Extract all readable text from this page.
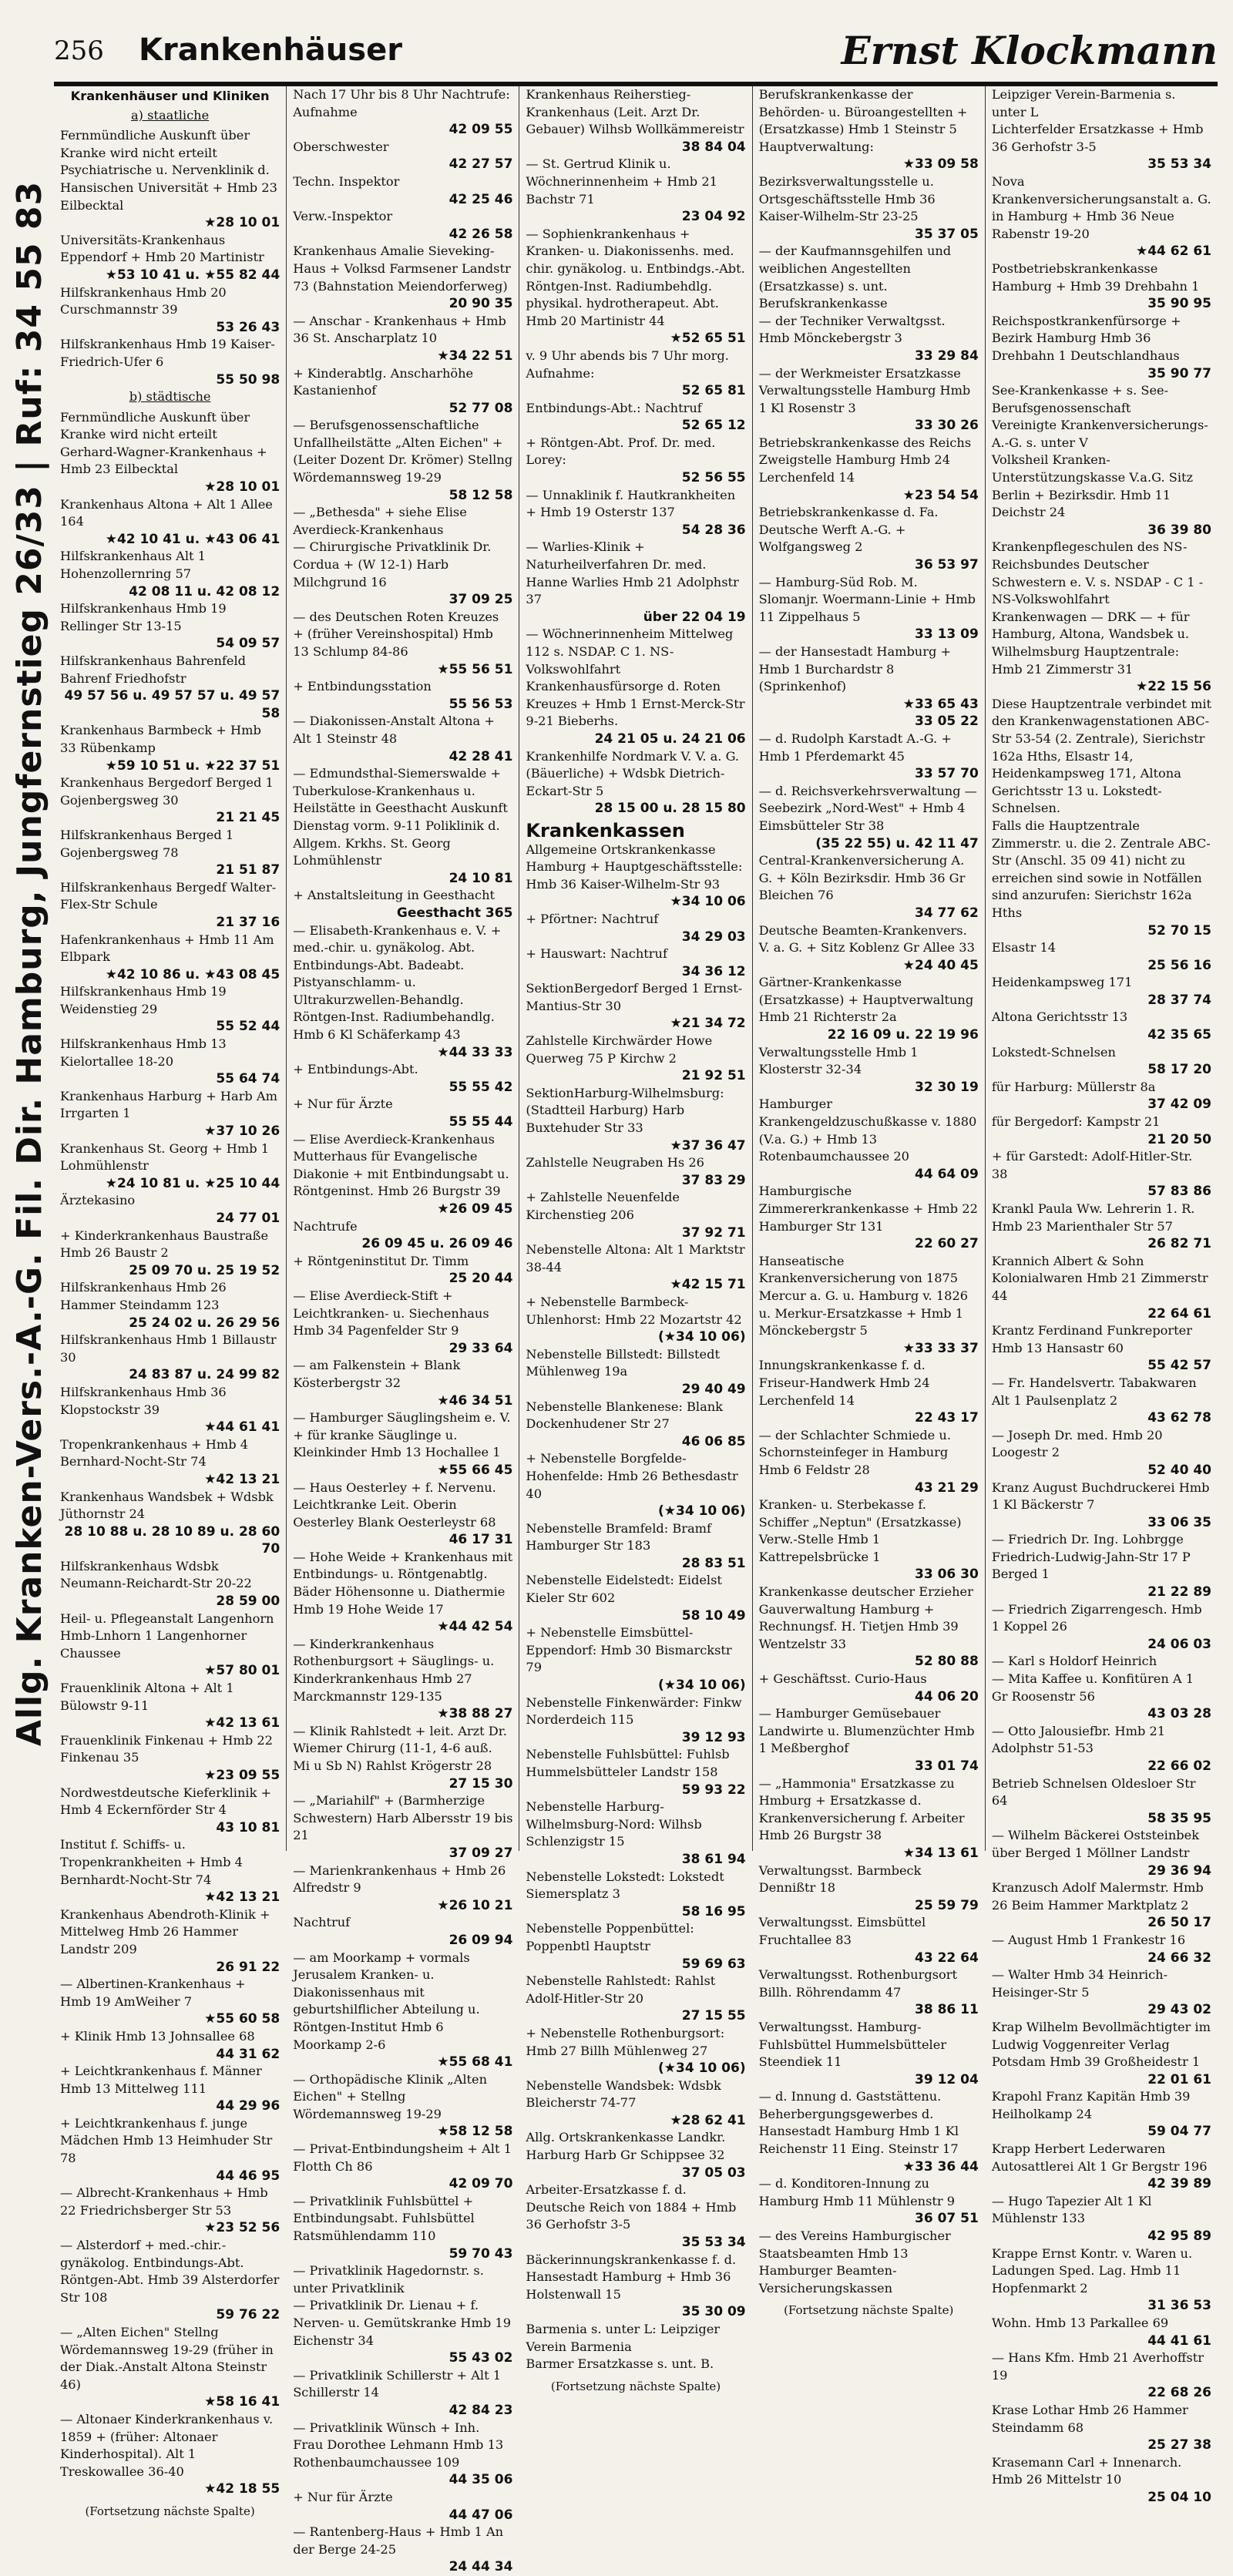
Allg. Kranken-Vers.-A.-G. Fil. Dir. Hamburg, Jungfernstieg 26/33 | Ruf: 34 55 83
256 Krankenhäuser	Ernst Klockmann
Krankenhäuser und Kliniken
a) staatliche

Fernmündliche Auskunft über Kranke wird nicht erteilt

Psychiatrische u. Nervenklinik d. Hansischen Universität + Hmb 23 Eilbecktal
★28 10 01

Universitäts-Krankenhaus Eppendorf + Hmb 20 Martinistr
★53 10 41 u. ★55 82 44

Hilfskrankenhaus Hmb 20 Curschmannstr 39
53 26 43

Hilfskrankenhaus Hmb 19 Kaiser-Friedrich-Ufer 6
55 50 98

b) städtische

Fernmündliche Auskunft über Kranke wird nicht erteilt

Gerhard-Wagner-Krankenhaus + Hmb 23 Eilbecktal
★28 10 01

Krankenhaus Altona + Alt 1 Allee 164
★42 10 41 u. ★43 06 41

Hilfskrankenhaus Alt 1 Hohenzollernring 57
42 08 11 u. 42 08 12

Hilfskrankenhaus Hmb 19 Rellinger Str 13-15
54 09 57

Hilfskrankenhaus Bahrenfeld Bahrenf Friedhofstr
49 57 56 u. 49 57 57 u. 49 57 58

Krankenhaus Barmbeck + Hmb 33 Rübenkamp
★59 10 51 u. ★22 37 51

Krankenhaus Bergedorf Berged 1 Gojenbergsweg 30
21 21 45

Hilfskrankenhaus Berged 1 Gojenbergsweg 78
21 51 87

Hilfskrankenhaus Bergedf Walter-Flex-Str Schule
21 37 16

Hafenkrankenhaus + Hmb 11 Am Elbpark
★42 10 86 u. ★43 08 45

Hilfskrankenhaus Hmb 19 Weidenstieg 29
55 52 44

Hilfskrankenhaus Hmb 13 Kielortallee 18-20
55 64 74

Krankenhaus Harburg + Harb Am Irrgarten 1
★37 10 26

Krankenhaus St. Georg + Hmb 1 Lohmühlenstr
★24 10 81 u. ★25 10 44

Ärztekasino
24 77 01

+ Kinderkrankenhaus Baustraße Hmb 26 Baustr 2
25 09 70 u. 25 19 52

Hilfskrankenhaus Hmb 26 Hammer Steindamm 123
25 24 02 u. 26 29 56

Hilfskrankenhaus Hmb 1 Billaustr 30
24 83 87 u. 24 99 82

Hilfskrankenhaus Hmb 36 Klopstockstr 39
★44 61 41

Tropenkrankenhaus + Hmb 4 Bernhard-Nocht-Str 74
★42 13 21

Krankenhaus Wandsbek + Wdsbk Jüthornstr 24
28 10 88 u. 28 10 89 u. 28 60 70

Hilfskrankenhaus Wdsbk Neumann-Reichardt-Str 20-22
28 59 00

Heil- u. Pflegeanstalt Langenhorn Hmb-Lnhorn 1 Langenhorner Chaussee
★57 80 01

Frauenklinik Altona + Alt 1 Bülowstr 9-11
★42 13 61

Frauenklinik Finkenau + Hmb 22 Finkenau 35
★23 09 55

Nordwestdeutsche Kieferklinik + Hmb 4 Eckernförder Str 4
43 10 81

Institut f. Schiffs- u. Tropenkrankheiten + Hmb 4 Bernhardt-Nocht-Str 74
★42 13 21

Krankenhaus Abendroth-Klinik + Mittelweg Hmb 26 Hammer Landstr 209
26 91 22

— Albertinen-Krankenhaus + Hmb 19 AmWeiher 7
★55 60 58

+ Klinik Hmb 13 Johnsallee 68
44 31 62

+ Leichtkrankenhaus f. Männer Hmb 13 Mittelweg 111
44 29 96

+ Leichtkrankenhaus f. junge Mädchen Hmb 13 Heimhuder Str 78
44 46 95

— Albrecht-Krankenhaus + Hmb 22 Friedrichsberger Str 53
★23 52 56

— Alsterdorf + med.-chir.-gynäkolog. Entbindungs-Abt. Röntgen-Abt. Hmb 39 Alsterdorfer Str 108
59 76 22

— „Alten Eichen" Stellng Wördemannsweg 19-29 (früher in der Diak.-Anstalt Altona Steinstr 46)
★58 16 41

— Altonaer Kinderkrankenhaus v. 1859 + (früher: Altonaer Kinderhospital). Alt 1 Treskowallee 36-40
★42 18 55

(Fortsetzung nächste Spalte)

Nach 17 Uhr bis 8 Uhr Nachtrufe:

Aufnahme
42 09 55

Oberschwester
42 27 57

Techn. Inspektor
42 25 46

Verw.-Inspektor
42 26 58

Krankenhaus Amalie Sieveking-Haus + Volksd Farmsener Landstr 73 (Bahnstation Meiendorferweg)
20 90 35

— Anschar - Krankenhaus + Hmb 36 St. Anscharplatz 10
★34 22 51

+ Kinderabtlg. Anscharhöhe Kastanienhof
52 77 08

— Berufsgenossenschaftliche Unfallheilstätte „Alten Eichen" + (Leiter Dozent Dr. Krömer) Stellng Wördemannsweg 19-29
58 12 58

— „Bethesda" + siehe Elise Averdieck-Krankenhaus

— Chirurgische Privatklinik Dr. Cordua + (W 12-1) Harb Milchgrund 16
37 09 25

— des Deutschen Roten Kreuzes + (früher Vereinshospital) Hmb 13 Schlump 84-86
★55 56 51

+ Entbindungsstation
55 56 53

— Diakonissen-Anstalt Altona + Alt 1 Steinstr 48
42 28 41

— Edmundsthal-Siemerswalde + Tuberkulose-Krankenhaus u. Heilstätte in Geesthacht Auskunft Dienstag vorm. 9-11 Poliklinik d. Allgem. Krkhs. St. Georg Lohmühlenstr
24 10 81

+ Anstaltsleitung in Geesthacht
Geesthacht 365

— Elisabeth-Krankenhaus e. V. + med.-chir. u. gynäkolog. Abt. Entbindungs-Abt. Badeabt. Pistyanschlamm- u. Ultrakurzwellen-Behandlg. Röntgen-Inst. Radiumbehandlg. Hmb 6 Kl Schäferkamp 43
★44 33 33

+ Entbindungs-Abt.
55 55 42

+ Nur für Ärzte
55 55 44

— Elise Averdieck-Krankenhaus Mutterhaus für Evangelische Diakonie + mit Entbindungsabt u. Röntgeninst. Hmb 26 Burgstr 39
★26 09 45

Nachtrufe
26 09 45 u. 26 09 46

+ Röntgeninstitut Dr. Timm
25 20 44

— Elise Averdieck-Stift + Leichtkranken- u. Siechenhaus Hmb 34 Pagenfelder Str 9
29 33 64

— am Falkenstein + Blank Kösterbergstr 32
★46 34 51

— Hamburger Säuglingsheim e. V. + für kranke Säuglinge u. Kleinkinder Hmb 13 Hochallee 1
★55 66 45

— Haus Oesterley + f. Nervenu. Leichtkranke Leit. Oberin Oesterley Blank Oesterleystr 68
46 17 31

— Hohe Weide + Krankenhaus mit Entbindungs- u. Röntgenabtlg. Bäder Höhensonne u. Diathermie Hmb 19 Hohe Weide 17
★44 42 54

— Kinderkrankenhaus Rothenburgsort + Säuglings- u. Kinderkrankenhaus Hmb 27 Marckmannstr 129-135
★38 88 27

— Klinik Rahlstedt + leit. Arzt Dr. Wiemer Chirurg (11-1, 4-6 auß. Mi u Sb N) Rahlst Krögerstr 28
27 15 30

— „Mariahilf" + (Barmherzige Schwestern) Harb Albersstr 19 bis 21
37 09 27

— Marienkrankenhaus + Hmb 26 Alfredstr 9
★26 10 21

Nachtruf
26 09 94

— am Moorkamp + vormals Jerusalem Kranken- u. Diakonissenhaus mit geburtshilflicher Abteilung u. Röntgen-Institut Hmb 6 Moorkamp 2-6
★55 68 41

— Orthopädische Klinik „Alten Eichen" + Stellng Wördemannsweg 19-29
★58 12 58

— Privat-Entbindungsheim + Alt 1 Flotth Ch 86
42 09 70

— Privatklinik Fuhlsbüttel + Entbindungsabt. Fuhlsbüttel Ratsmühlendamm 110
59 70 43

— Privatklinik Hagedornstr. s. unter Privatklinik

— Privatklinik Dr. Lienau + f. Nerven- u. Gemütskranke Hmb 19 Eichenstr 34
55 43 02

— Privatklinik Schillerstr + Alt 1 Schillerstr 14
42 84 23

— Privatklinik Wünsch + Inh. Frau Dorothee Lehmann Hmb 13 Rothenbaumchaussee 109
44 35 06

+ Nur für Ärzte
44 47 06

— Rantenberg-Haus + Hmb 1 An der Berge 24-25
24 44 34

Krankenhaus Reiherstieg-Krankenhaus (Leit. Arzt Dr. Gebauer) Wilhsb Wollkämmereistr
38 84 04

— St. Gertrud Klinik u. Wöchnerinnenheim + Hmb 21 Bachstr 71
23 04 92

— Sophienkrankenhaus + Kranken- u. Diakonissenhs. med. chir. gynäkolog. u. Entbindgs.-Abt. Röntgen-Inst. Radiumbehdlg. physikal. hydrotherapeut. Abt. Hmb 20 Martinistr 44
★52 65 51

v. 9 Uhr abends bis 7 Uhr morg. Aufnahme:
52 65 81

Entbindungs-Abt.: Nachtruf
52 65 12

+ Röntgen-Abt. Prof. Dr. med. Lorey:
52 56 55

— Unnaklinik f. Hautkrankheiten + Hmb 19 Osterstr 137
54 28 36

— Warlies-Klinik + Naturheilverfahren Dr. med. Hanne Warlies Hmb 21 Adolphstr 37
über 22 04 19

— Wöchnerinnenheim Mittelweg 112 s. NSDAP. C 1. NS-Volkswohlfahrt

Krankenhausfürsorge d. Roten Kreuzes + Hmb 1 Ernst-Merck-Str 9-21 Bieberhs.
24 21 05 u. 24 21 06

Krankenhilfe Nordmark V. V. a. G. (Bäuerliche) + Wdsbk Dietrich-Eckart-Str 5
28 15 00 u. 28 15 80

Krankenkassen

Allgemeine Ortskrankenkasse Hamburg + Hauptgeschäftsstelle: Hmb 36 Kaiser-Wilhelm-Str 93
★34 10 06

+ Pförtner: Nachtruf
34 29 03

+ Hauswart: Nachtruf
34 36 12

SektionBergedorf Berged 1 Ernst-Mantius-Str 30
★21 34 72

Zahlstelle Kirchwärder Howe Querweg 75 P Kirchw 2
21 92 51

SektionHarburg-Wilhelmsburg: (Stadtteil Harburg) Harb Buxtehuder Str 33
★37 36 47

Zahlstelle Neugraben Hs 26
37 83 29

+ Zahlstelle Neuenfelde Kirchenstieg 206
37 92 71

Nebenstelle Altona: Alt 1 Marktstr 38-44
★42 15 71

+ Nebenstelle Barmbeck-Uhlenhorst: Hmb 22 Mozartstr 42
(★34 10 06)

Nebenstelle Billstedt: Billstedt Mühlenweg 19a
29 40 49

Nebenstelle Blankenese: Blank Dockenhudener Str 27
46 06 85

+ Nebenstelle Borgfelde-Hohenfelde: Hmb 26 Bethesdastr 40
(★34 10 06)

Nebenstelle Bramfeld: Bramf Hamburger Str 183
28 83 51

Nebenstelle Eidelstedt: Eidelst Kieler Str 602
58 10 49

+ Nebenstelle Eimsbüttel-Eppendorf: Hmb 30 Bismarckstr 79
(★34 10 06)

Nebenstelle Finkenwärder: Finkw Norderdeich 115
39 12 93

Nebenstelle Fuhlsbüttel: Fuhlsb Hummelsbütteler Landstr 158
59 93 22

Nebenstelle Harburg-Wilhelmsburg-Nord: Wilhsb Schlenzigstr 15
38 61 94

Nebenstelle Lokstedt: Lokstedt Siemersplatz 3
58 16 95

Nebenstelle Poppenbüttel: Poppenbtl Hauptstr
59 69 63

Nebenstelle Rahlstedt: Rahlst Adolf-Hitler-Str 20
27 15 55

+ Nebenstelle Rothenburgsort: Hmb 27 Billh Mühlenweg 27
(★34 10 06)

Nebenstelle Wandsbek: Wdsbk Bleicherstr 74-77
★28 62 41

Allg. Ortskrankenkasse Landkr. Harburg Harb Gr Schippsee 32
37 05 03

Arbeiter-Ersatzkasse f. d. Deutsche Reich von 1884 + Hmb 36 Gerhofstr 3-5
35 53 34

Bäckerinnungskrankenkasse f. d. Hansestadt Hamburg + Hmb 36 Holstenwall 15
35 30 09

Barmenia s. unter L: Leipziger Verein Barmenia

Barmer Ersatzkasse s. unt. B.

(Fortsetzung nächste Spalte)

Berufskrankenkasse der Behörden- u. Büroangestellten + (Ersatzkasse) Hmb 1 Steinstr 5

Hauptverwaltung:
★33 09 58

Bezirksverwaltungsstelle u. Ortsgeschäftsstelle Hmb 36 Kaiser-Wilhelm-Str 23-25
35 37 05

— der Kaufmannsgehilfen und weiblichen Angestellten (Ersatzkasse) s. unt. Berufskrankenkasse

— der Techniker Verwaltgsst. Hmb Mönckebergstr 3
33 29 84

— der Werkmeister Ersatzkasse Verwaltungsstelle Hamburg Hmb 1 Kl Rosenstr 3
33 30 26

Betriebskrankenkasse des Reichs Zweigstelle Hamburg Hmb 24 Lerchenfeld 14
★23 54 54

Betriebskrankenkasse d. Fa. Deutsche Werft A.-G. + Wolfgangsweg 2
36 53 97

— Hamburg-Süd Rob. M. Slomanjr. Woermann-Linie + Hmb 11 Zippelhaus 5
33 13 09

— der Hansestadt Hamburg + Hmb 1 Burchardstr 8 (Sprinkenhof)
★33 65 43

33 05 22

— d. Rudolph Karstadt A.-G. + Hmb 1 Pferdemarkt 45
33 57 70

— d. Reichsverkehrsverwaltung — Seebezirk „Nord-West" + Hmb 4 Eimsbütteler Str 38
(35 22 55) u. 42 11 47

Central-Krankenversicherung A. G. + Köln Bezirksdir. Hmb 36 Gr Bleichen 76
34 77 62

Deutsche Beamten-Krankenvers. V. a. G. + Sitz Koblenz Gr Allee 33
★24 40 45

Gärtner-Krankenkasse (Ersatzkasse) + Hauptverwaltung Hmb 21 Richterstr 2a
22 16 09 u. 22 19 96

Verwaltungsstelle Hmb 1 Klosterstr 32-34
32 30 19

Hamburger Krankengeldzuschußkasse v. 1880 (V.a. G.) + Hmb 13 Rotenbaumchaussee 20
44 64 09

Hamburgische Zimmererkrankenkasse + Hmb 22 Hamburger Str 131
22 60 27

Hanseatische Krankenversicherung von 1875 Mercur a. G. u. Hamburg v. 1826 u. Merkur-Ersatzkasse + Hmb 1 Mönckebergstr 5
★33 33 37

Innungskrankenkasse f. d. Friseur-Handwerk Hmb 24 Lerchenfeld 14
22 43 17

— der Schlachter Schmiede u. Schornsteinfeger in Hamburg Hmb 6 Feldstr 28
43 21 29

Kranken- u. Sterbekasse f. Schiffer „Neptun" (Ersatzkasse) Verw.-Stelle Hmb 1 Kattrepelsbrücke 1
33 06 30

Krankenkasse deutscher Erzieher Gauverwaltung Hamburg + Rechnungsf. H. Tietjen Hmb 39 Wentzelstr 33
52 80 88

+ Geschäftsst. Curio-Haus
44 06 20

— Hamburger Gemüsebauer Landwirte u. Blumenzüchter Hmb 1 Meßberghof
33 01 74

— „Hammonia" Ersatzkasse zu Hmburg + Ersatzkasse d. Krankenversicherung f. Arbeiter Hmb 26 Burgstr 38
★34 13 61

Verwaltungsst. Barmbeck Dennißtr 18
25 59 79

Verwaltungsst. Eimsbüttel Fruchtallee 83
43 22 64

Verwaltungsst. Rothenburgsort Billh. Röhrendamm 47
38 86 11

Verwaltungsst. Hamburg-Fuhlsbüttel Hummelsbütteler Steendiek 11
39 12 04

— d. Innung d. Gaststättenu. Beherbergungsgewerbes d. Hansestadt Hamburg Hmb 1 Kl Reichenstr 11 Eing. Steinstr 17
★33 36 44

— d. Konditoren-Innung zu Hamburg Hmb 11 Mühlenstr 9
36 07 51

— des Vereins Hamburgischer Staatsbeamten Hmb 13 Hamburger Beamten-Versicherungskassen

(Fortsetzung nächste Spalte)

Leipziger Verein-Barmenia s. unter L

Lichterfelder Ersatzkasse + Hmb 36 Gerhofstr 3-5
35 53 34

Nova Krankenversicherungsanstalt a. G. in Hamburg + Hmb 36 Neue Rabenstr 19-20
★44 62 61

Postbetriebskrankenkasse Hamburg + Hmb 39 Drehbahn 1
35 90 95

Reichspostkrankenfürsorge + Bezirk Hamburg Hmb 36 Drehbahn 1 Deutschlandhaus
35 90 77

See-Krankenkasse + s. See-Berufsgenossenschaft

Vereinigte Krankenversicherungs-A.-G. s. unter V

Volksheil Kranken-Unterstützungskasse V.a.G. Sitz Berlin + Bezirksdir. Hmb 11 Deichstr 24
36 39 80

Krankenpflegeschulen des NS-Reichsbundes Deutscher Schwestern e. V. s. NSDAP - C 1 - NS-Volkswohlfahrt

Krankenwagen — DRK — + für Hamburg, Altona, Wandsbek u. Wilhelmsburg Hauptzentrale: Hmb 21 Zimmerstr 31
★22 15 56

Diese Hauptzentrale verbindet mit den Krankenwagenstationen ABC-Str 53-54 (2. Zentrale), Sierichstr 162a Hths, Elsastr 14, Heidenkampsweg 171, Altona Gerichtsstr 13 u. Lokstedt-Schnelsen.

Falls die Hauptzentrale Zimmerstr. u. die 2. Zentrale ABC-Str (Anschl. 35 09 41) nicht zu erreichen sind sowie in Notfällen sind anzurufen: Sierichstr 162a Hths
52 70 15

Elsastr 14
25 56 16

Heidenkampsweg 171
28 37 74

Altona Gerichtsstr 13
42 35 65

Lokstedt-Schnelsen
58 17 20

für Harburg: Müllerstr 8a
37 42 09

für Bergedorf: Kampstr 21
21 20 50

+ für Garstedt: Adolf-Hitler-Str. 38
57 83 86

Krankl Paula Ww. Lehrerin 1. R. Hmb 23 Marienthaler Str 57
26 82 71

Krannich Albert & Sohn Kolonialwaren Hmb 21 Zimmerstr 44
22 64 61

Krantz Ferdinand Funkreporter Hmb 13 Hansastr 60
55 42 57

— Fr. Handelsvertr. Tabakwaren Alt 1 Paulsenplatz 2
43 62 78

— Joseph Dr. med. Hmb 20 Loogestr 2
52 40 40

Kranz August Buchdruckerei Hmb 1 Kl Bäckerstr 7
33 06 35

— Friedrich Dr. Ing. Lohbrgge Friedrich-Ludwig-Jahn-Str 17 P Berged 1
21 22 89

— Friedrich Zigarrengesch. Hmb 1 Koppel 26
24 06 03

— Karl s Holdorf Heinrich

— Mita Kaffee u. Konfitüren A 1 Gr Roosenstr 56
43 03 28

— Otto Jalousiefbr. Hmb 21 Adolphstr 51-53
22 66 02

Betrieb Schnelsen Oldesloer Str 64
58 35 95

— Wilhelm Bäckerei Oststeinbek über Berged 1 Möllner Landstr
29 36 94

Kranzusch Adolf Malermstr. Hmb 26 Beim Hammer Marktplatz 2
26 50 17

— August Hmb 1 Frankestr 16
24 66 32

— Walter Hmb 34 Heinrich-Heisinger-Str 5
29 43 02

Krap Wilhelm Bevollmächtigter im Ludwig Voggenreiter Verlag Potsdam Hmb 39 Großheidestr 1
22 01 61

Krapohl Franz Kapitän Hmb 39 Heilholkamp 24
59 04 77

Krapp Herbert Lederwaren Autosattlerei Alt 1 Gr Bergstr 196
42 39 89

— Hugo Tapezier Alt 1 Kl Mühlenstr 133
42 95 89

Krappe Ernst Kontr. v. Waren u. Ladungen Sped. Lag. Hmb 11 Hopfenmarkt 2
31 36 53

Wohn. Hmb 13 Parkallee 69
44 41 61

— Hans Kfm. Hmb 21 Averhoffstr 19
22 68 26

Krase Lothar Hmb 26 Hammer Steindamm 68
25 27 38

Krasemann Carl + Innenarch. Hmb 26 Mittelstr 10
25 04 10
